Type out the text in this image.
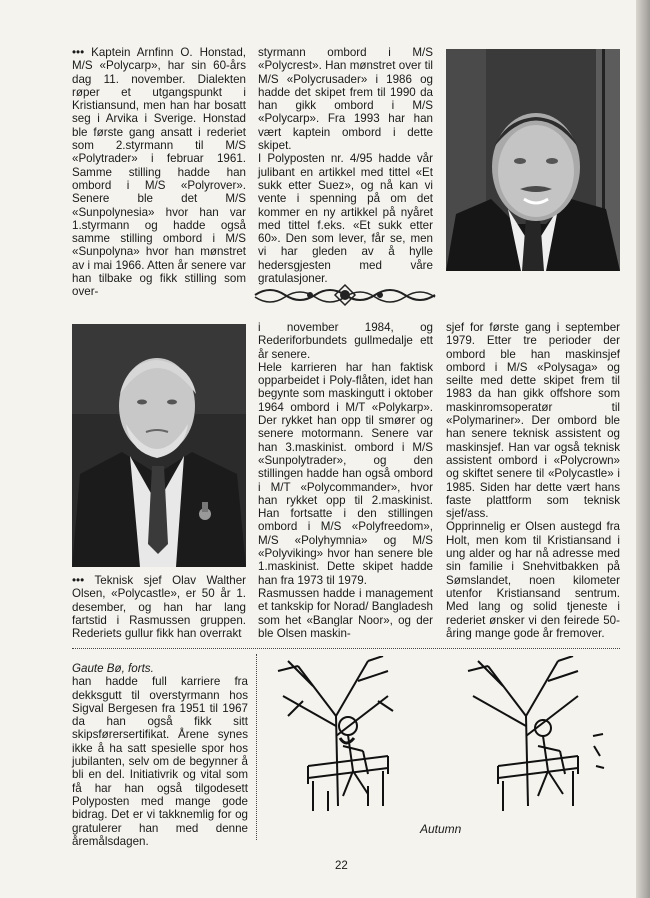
••• Kaptein Arnfinn O. Honstad, M/S «Polycarp», har sin 60-års dag 11. november. Dialekten røper et utgangspunkt i Kristiansund, men han har bosatt seg i Arvika i Sverige. Honstad ble første gang ansatt i rederiet som 2.styrmann til M/S «Polytrader» i februar 1961. Samme stilling hadde han ombord i M/S «Polyrover». Senere ble det M/S «Sunpolynesia» hvor han var 1.styrmann og hadde også samme stilling ombord i M/S «Sunpolyna» hvor han mønstret av i mai 1966. Atten år senere var han tilbake og fikk stilling som over-

styrmann ombord i M/S «Polycrest». Han mønstret over til M/S «Polycrusader» i 1986 og hadde det skipet frem til 1990 da han gikk ombord i M/S «Polycarp». Fra 1993 har han vært kaptein ombord i dette skipet.

I Polyposten nr. 4/95 hadde vår julibant en artikkel med tittel «Et sukk etter Suez», og nå kan vi vente i spenning på om det kommer en ny artikkel på nyåret med tittel f.eks. «Et sukk etter 60». Den som lever, får se, men vi har gleden av å hylle hedersgjesten med våre gratulasjoner.

••• Teknisk sjef Olav Walther Olsen, «Polycastle», er 50 år 1. desember, og han har lang fartstid i Rasmussen gruppen. Rederiets gullur fikk han overrakt

i november 1984, og Rederiforbundets gullmedalje ett år senere.

Hele karrieren har han faktisk opparbeidet i Poly-flåten, idet han begynte som maskingutt i oktober 1964 ombord i M/T «Polykarp». Der rykket han opp til smører og senere motormann. Senere var han 3.maskinist. ombord i M/S «Sunpolytrader», og den stillingen hadde han også ombord i M/T «Polycommander», hvor han rykket opp til 2.maskinist. Han fortsatte i den stillingen ombord i M/S «Polyfreedom», M/S «Polyhymnia» og M/S «Polyviking» hvor han senere ble 1.maskinist. Dette skipet hadde han fra 1973 til 1979.

Rasmussen hadde i management et tankskip for Norad/ Bangladesh som het «Banglar Noor», og der ble Olsen maskin-

sjef for første gang i september 1979. Etter tre perioder der ombord ble han maskinsjef ombord i M/S «Polysaga» og seilte med dette skipet frem til 1983 da han gikk offshore som maskinromsoperatør til «Polymariner». Der ombord ble han senere teknisk assistent og maskinsjef. Han var også teknisk assistent ombord i «Polycrown» og skiftet senere til «Polycastle» i 1985. Siden har dette vært hans faste plattform som teknisk sjef/ass.

Opprinnelig er Olsen austegd fra Holt, men kom til Kristiansand i ung alder og har nå adresse med sin familie i Snehvitbakken på Sømslandet, noen kilometer utenfor Kristiansand sentrum. Med lang og solid tjeneste i rederiet ønsker vi den feirede 50-åring mange gode år fremover.

Gaute Bø, forts.

han hadde full karriere fra dekksgutt til overstyrmann hos Sigval Bergesen fra 1951 til 1967 da han også fikk sitt skipsførersertifikat. Årene synes ikke å ha satt spesielle spor hos jubilanten, selv om de begynner å bli en del. Initiativrik og vital som få har han også tilgodesett Polyposten med mange gode bidrag. Det er vi takknemlig for og gratulerer han med denne åremålsdagen.

Autumn
22
